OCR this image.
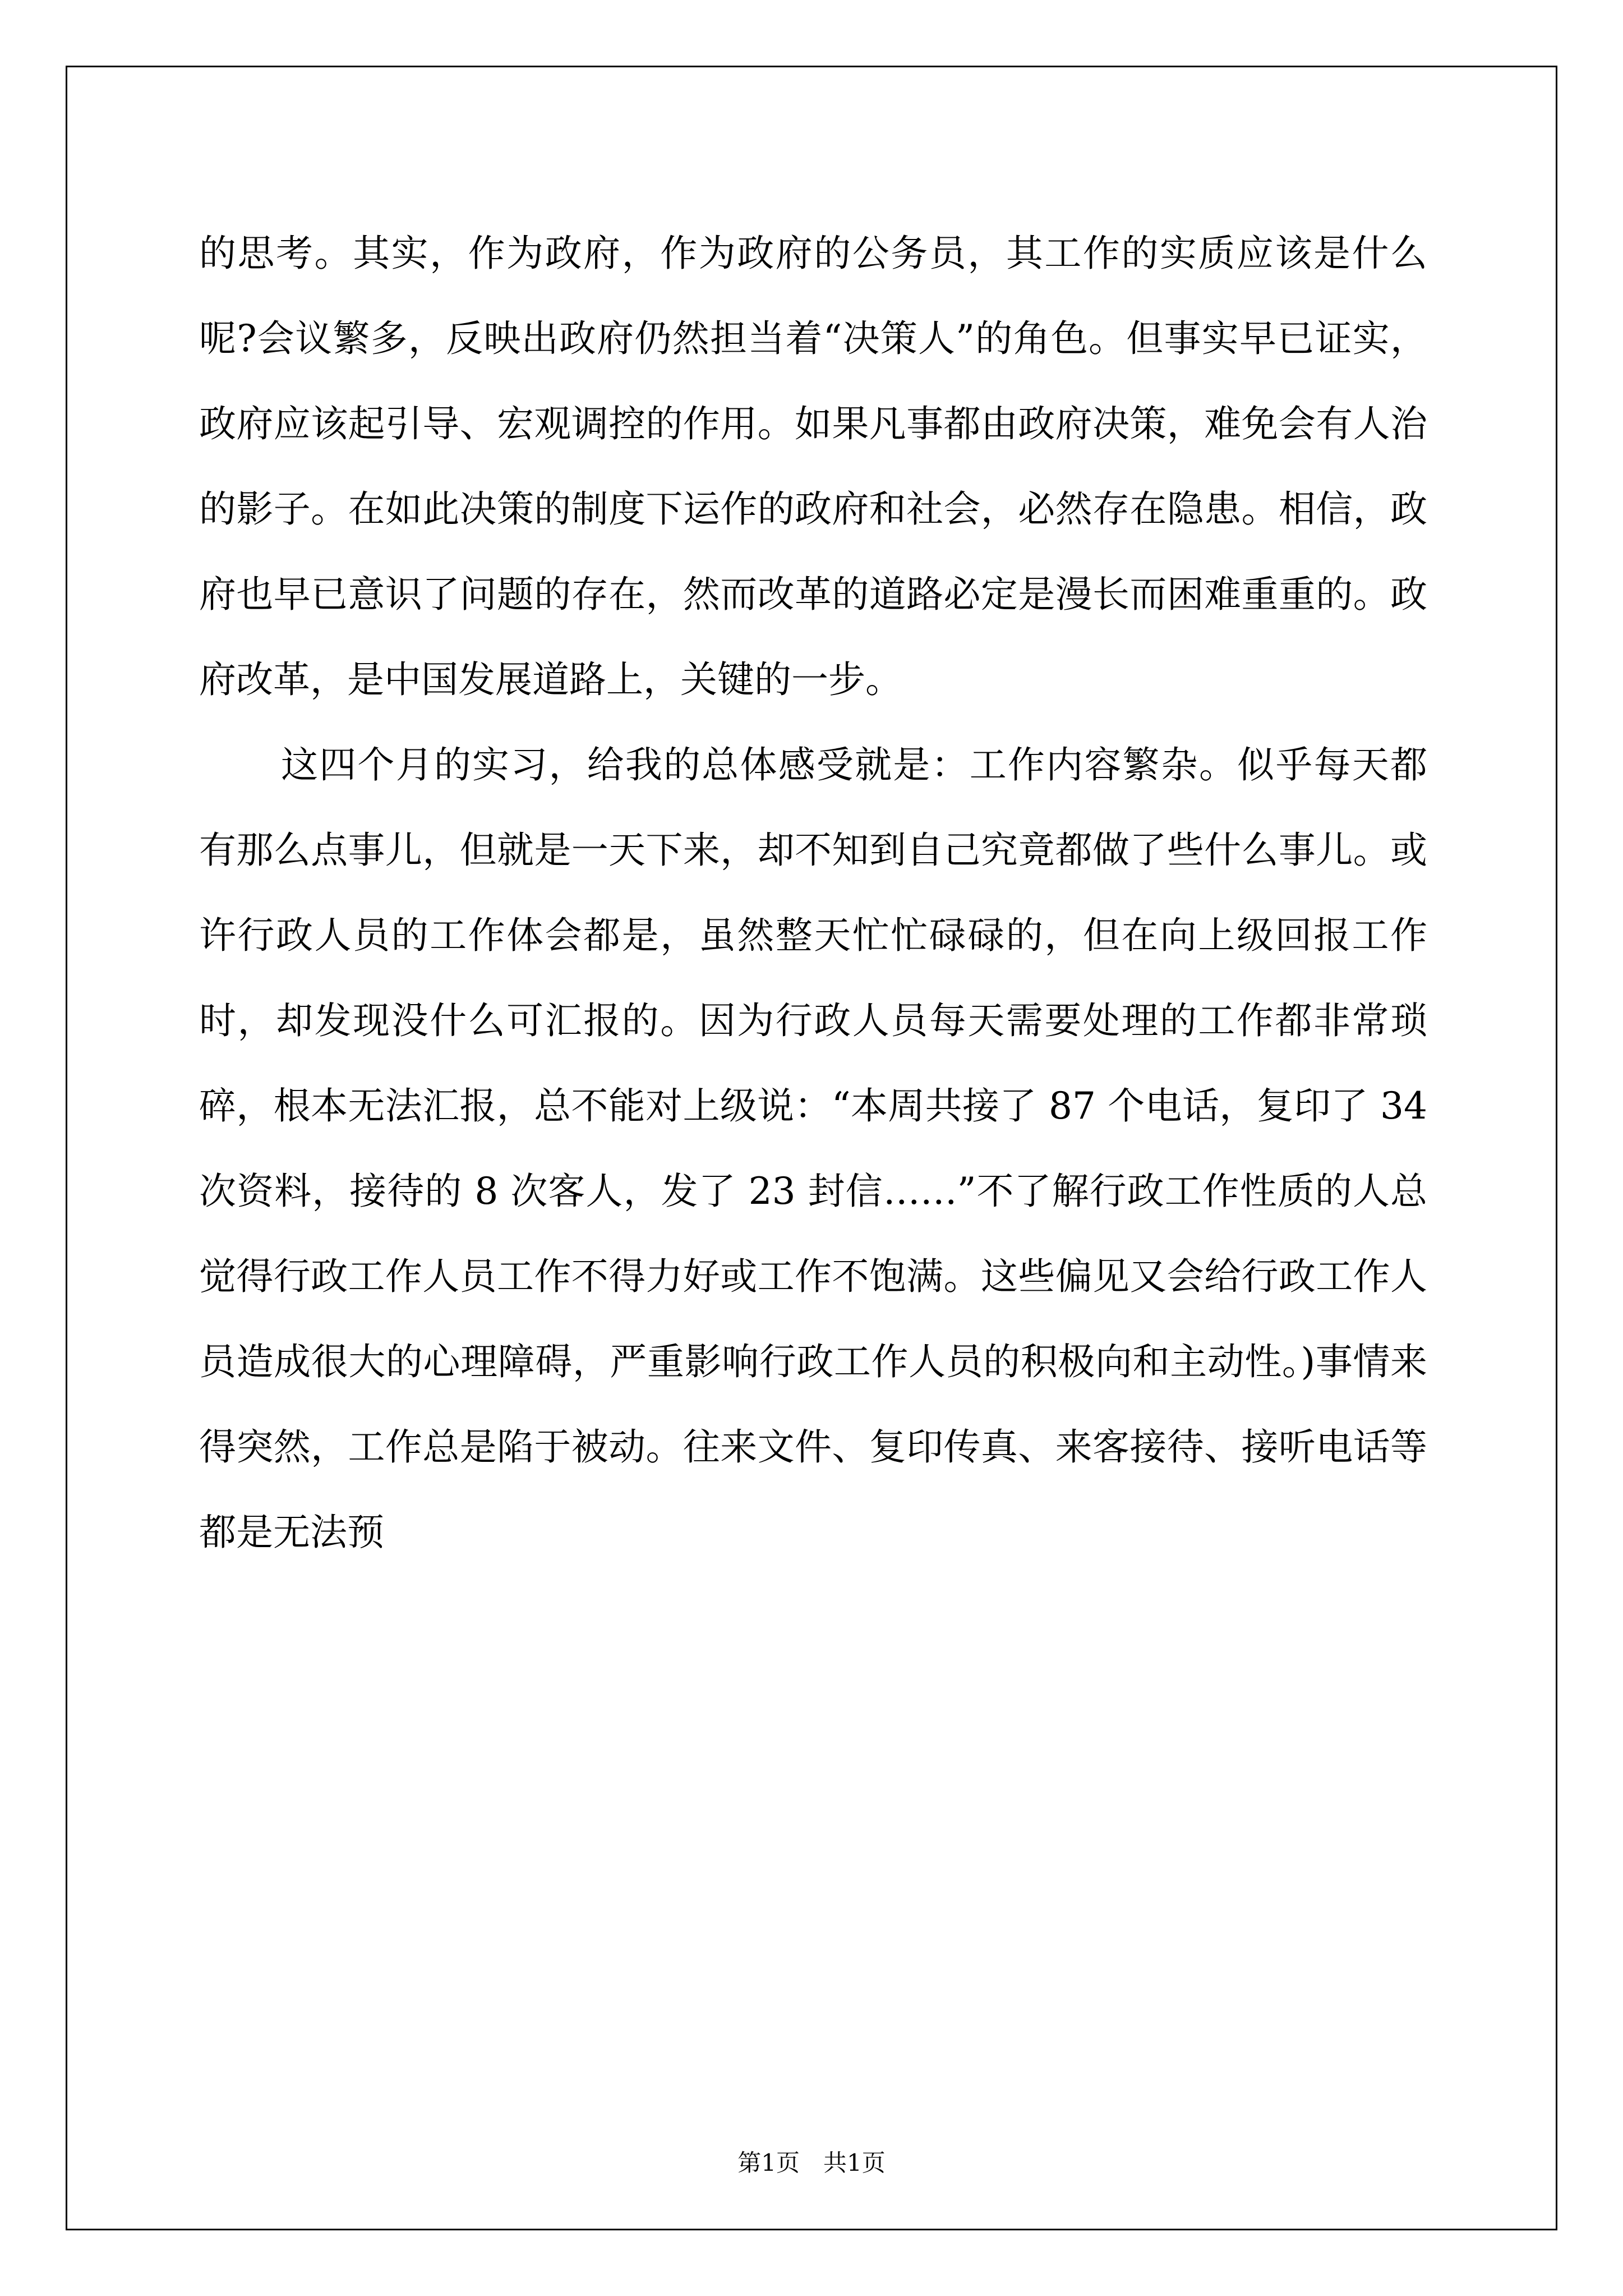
的思考。其实，作为政府，作为政府的公务员，其工作的实质应该是什么呢?会议繁多，反映出政府仍然担当着“决策人”的角色。但事实早已证实，政府应该起引导、宏观调控的作用。如果凡事都由政府决策，难免会有人治的影子。在如此决策的制度下运作的政府和社会，必然存在隐患。相信，政府也早已意识了问题的存在，然而改革的道路必定是漫长而困难重重的。政府改革，是中国发展道路上，关键的一步。

这四个月的实习，给我的总体感受就是：工作内容繁杂。似乎每天都有那么点事儿，但就是一天下来，却不知到自己究竟都做了些什么事儿。或许行政人员的工作体会都是，虽然整天忙忙碌碌的，但在向上级回报工作时，却发现没什么可汇报的。因为行政人员每天需要处理的工作都非常琐碎，根本无法汇报，总不能对上级说：“本周共接了 87 个电话，复印了 34 次资料，接待的 8 次客人，发了 23 封信……”不了解行政工作性质的人总觉得行政工作人员工作不得力好或工作不饱满。这些偏见又会给行政工作人员造成很大的心理障碍，严重影响行政工作人员的积极向和主动性。)事情来得突然，工作总是陷于被动。往来文件、复印传真、来客接待、接听电话等都是无法预

第1页　共1页
